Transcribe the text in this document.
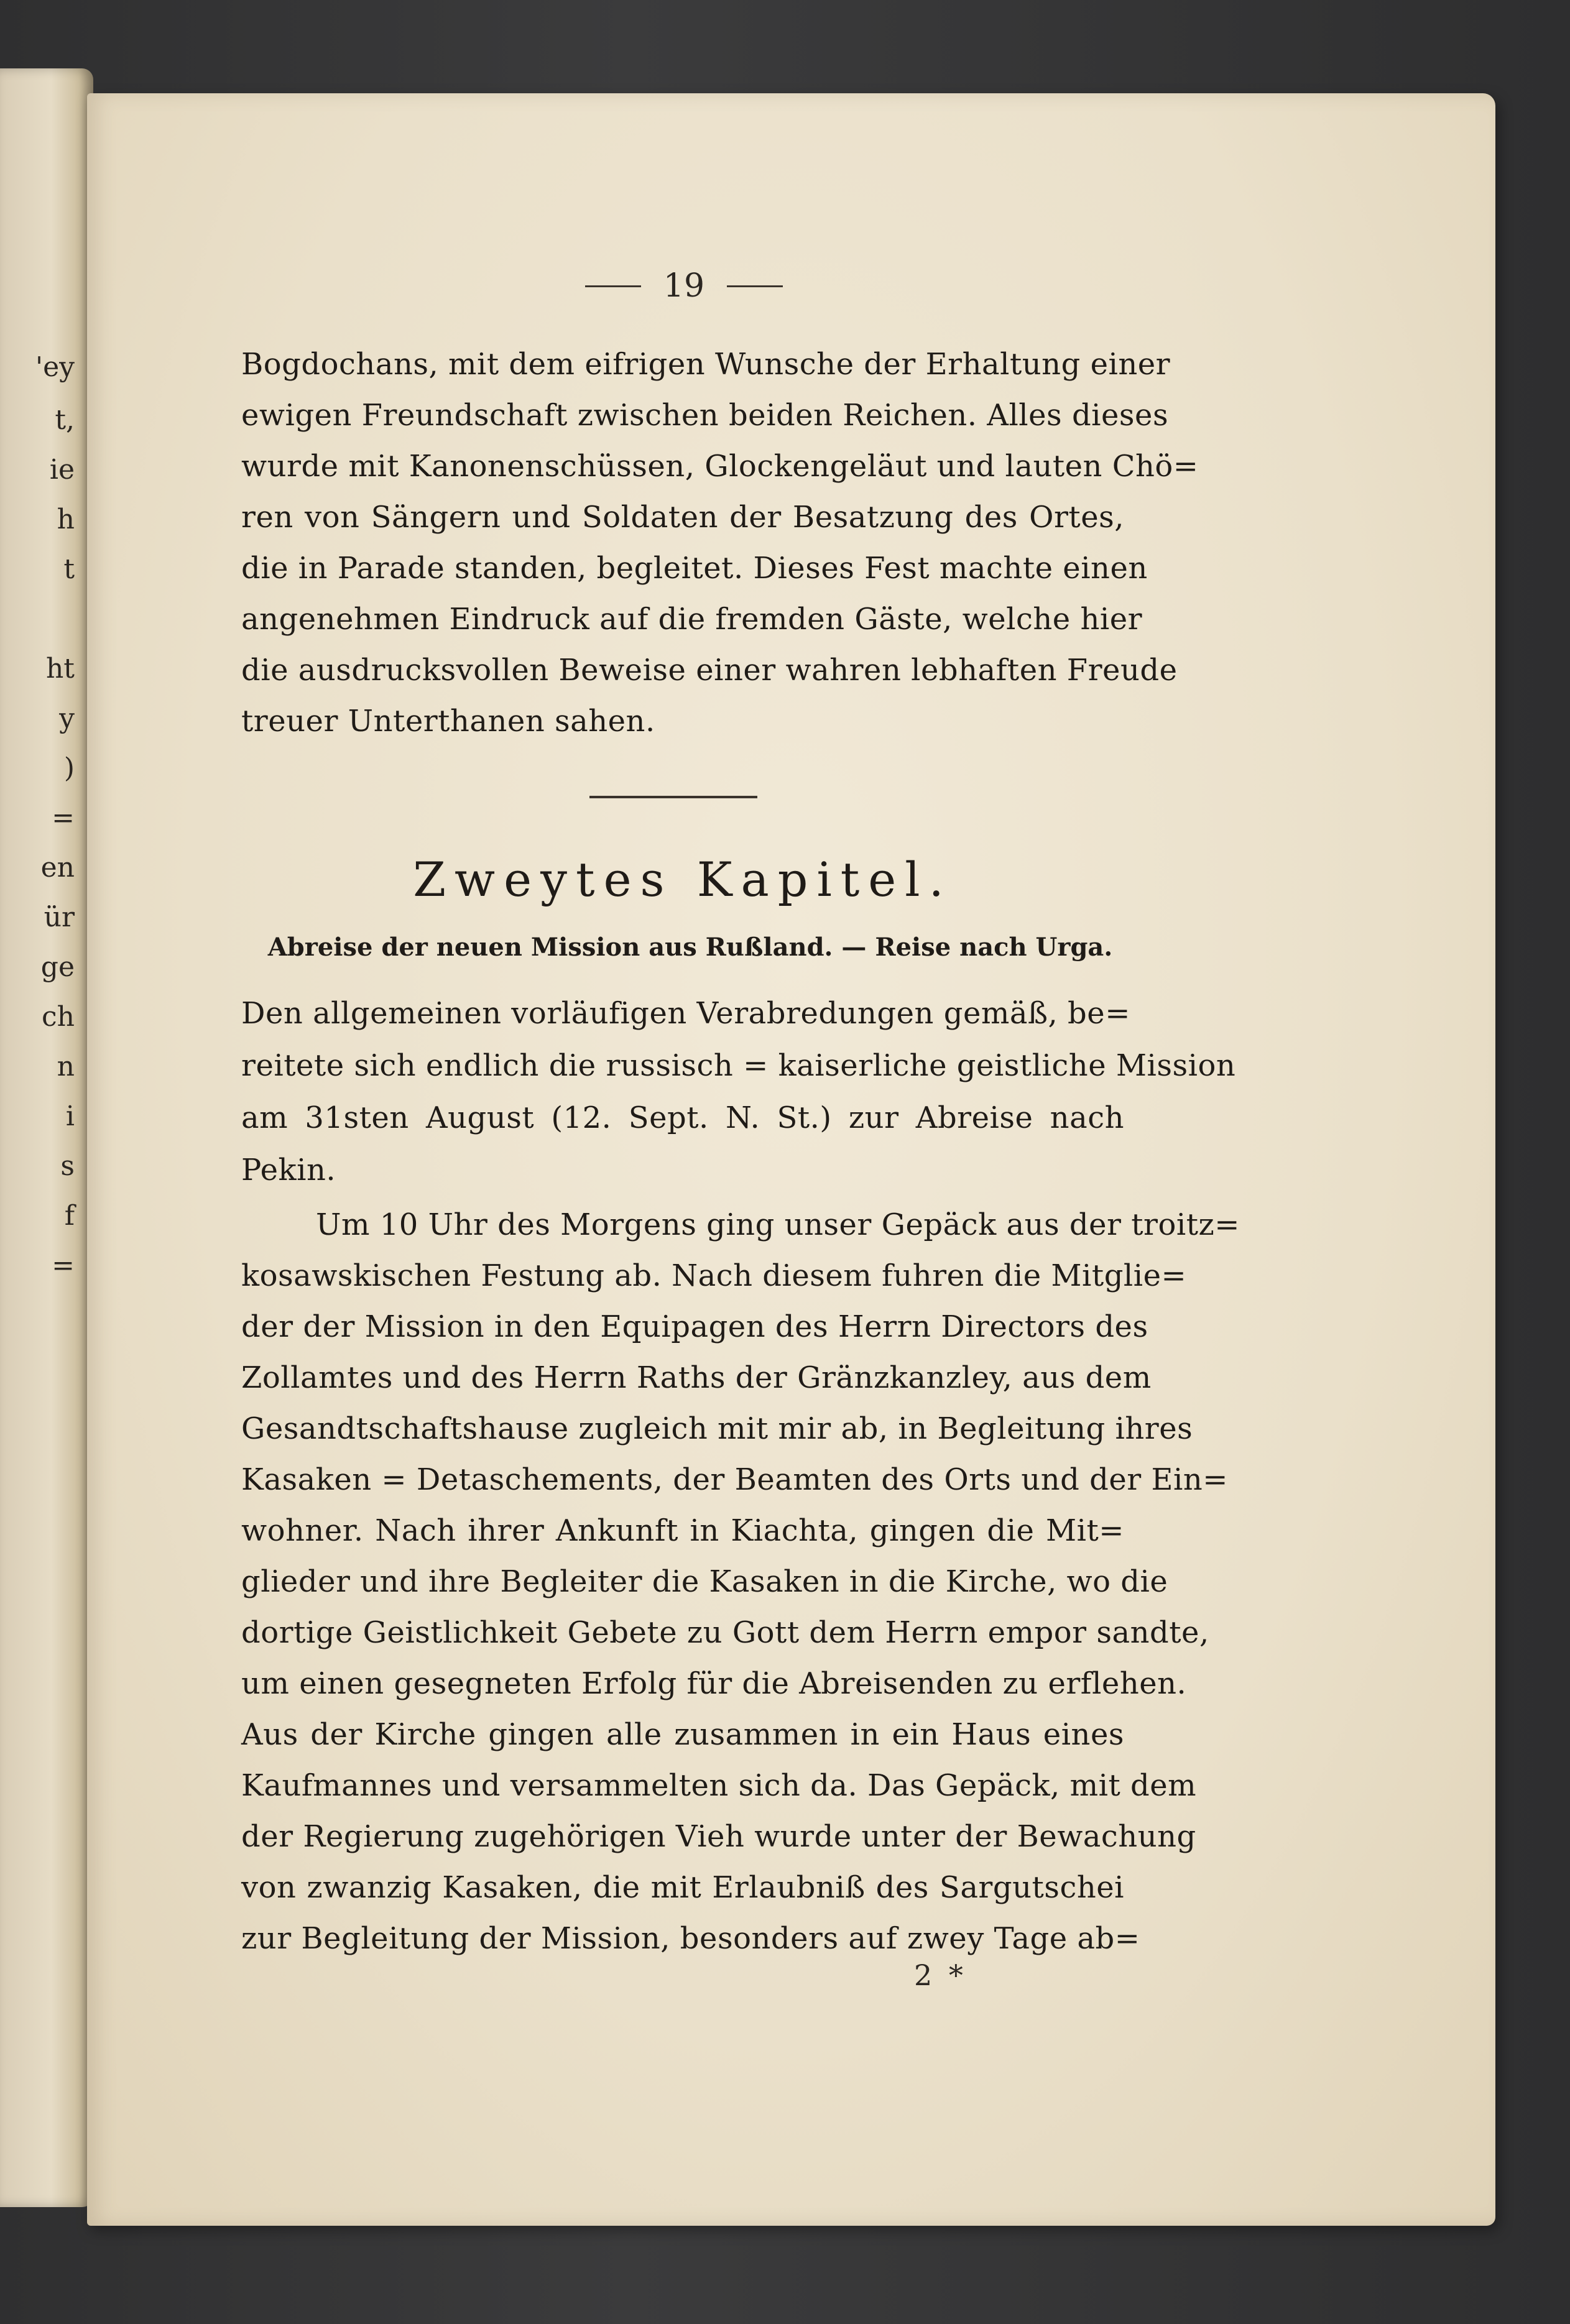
'ey
t,
ie
h
t
ht
y
)
=
en
ür
ge
ch
n
i
s
f
=
19
Bogdochans, mit dem eifrigen Wunsche der Erhaltung einer
ewigen Freundschaft zwischen beiden Reichen. Alles dieses
wurde mit Kanonenschüssen, Glockengeläut und lauten Chö=
ren von Sängern und Soldaten der Besatzung des Ortes,
die in Parade standen, begleitet. Dieses Fest machte einen
angenehmen Eindruck auf die fremden Gäste, welche hier
die ausdrucksvollen Beweise einer wahren lebhaften Freude
treuer Unterthanen sahen.
Zweytes Kapitel.
Abreise der neuen Mission aus Rußland. — Reise nach Urga.
Den allgemeinen vorläufigen Verabredungen gemäß, be=
reitete sich endlich die russisch = kaiserliche geistliche Mission
am 31sten August (12. Sept. N. St.) zur Abreise nach
Pekin.
Um 10 Uhr des Morgens ging unser Gepäck aus der troitz=
kosawskischen Festung ab. Nach diesem fuhren die Mitglie=
der der Mission in den Equipagen des Herrn Directors des
Zollamtes und des Herrn Raths der Gränzkanzley, aus dem
Gesandtschaftshause zugleich mit mir ab, in Begleitung ihres
Kasaken = Detaschements, der Beamten des Orts und der Ein=
wohner. Nach ihrer Ankunft in Kiachta, gingen die Mit=
glieder und ihre Begleiter die Kasaken in die Kirche, wo die
dortige Geistlichkeit Gebete zu Gott dem Herrn empor sandte,
um einen gesegneten Erfolg für die Abreisenden zu erflehen.
Aus der Kirche gingen alle zusammen in ein Haus eines
Kaufmannes und versammelten sich da. Das Gepäck, mit dem
der Regierung zugehörigen Vieh wurde unter der Bewachung
von zwanzig Kasaken, die mit Erlaubniß des Sargutschei
zur Begleitung der Mission, besonders auf zwey Tage ab=
2 *
